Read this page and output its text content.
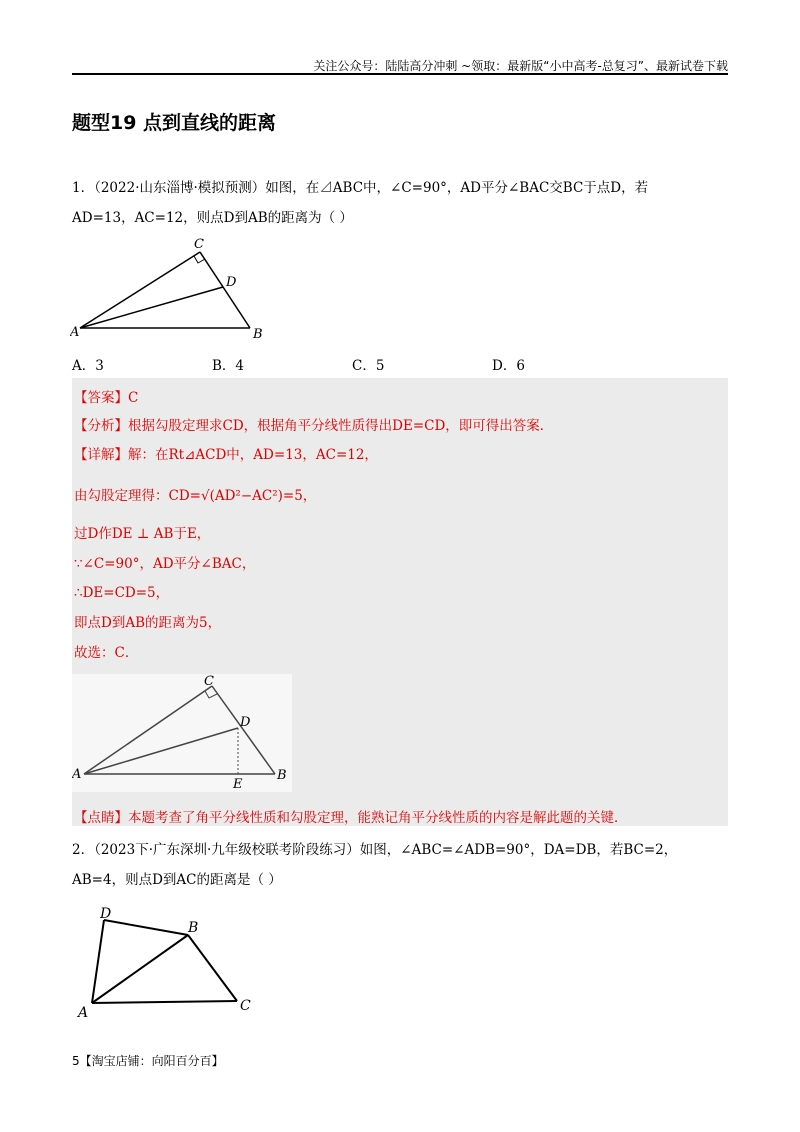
关注公众号：陆陆高分冲刺 ~领取：最新版“小中高考-总复习”、最新试卷下载
题型19 点到直线的距离
1．（2022·山东淄博·模拟预测）如图，在⊿ABC中，∠C=90°，AD平分∠BAC交BC于点D，若
AD=13，AC=12，则点D到AB的距离为（ ）
C
D
A	B
A．3	B．4	C．5	D．6
【答案】C
【分析】根据勾股定理求CD，根据角平分线性质得出DE=CD，即可得出答案．
【详解】解：在Rt⊿ACD中，AD=13，AC=12，
由勾股定理得：CD=√(AD²−AC²)=5，
过D作DE ⊥ AB于E，
∵∠C=90°，AD平分∠BAC，
∴DE=CD=5，
即点D到AB的距离为5，
故选：C．
C
D
A	B
E
【点睛】本题考查了角平分线性质和勾股定理，能熟记角平分线性质的内容是解此题的关键．
2．（2023下·广东深圳·九年级校联考阶段练习）如图，∠ABC=∠ADB=90°，DA=DB，若BC=2，
AB=4，则点D到AC的距离是（ ）
D
B
A	C
5【淘宝店铺：向阳百分百】
